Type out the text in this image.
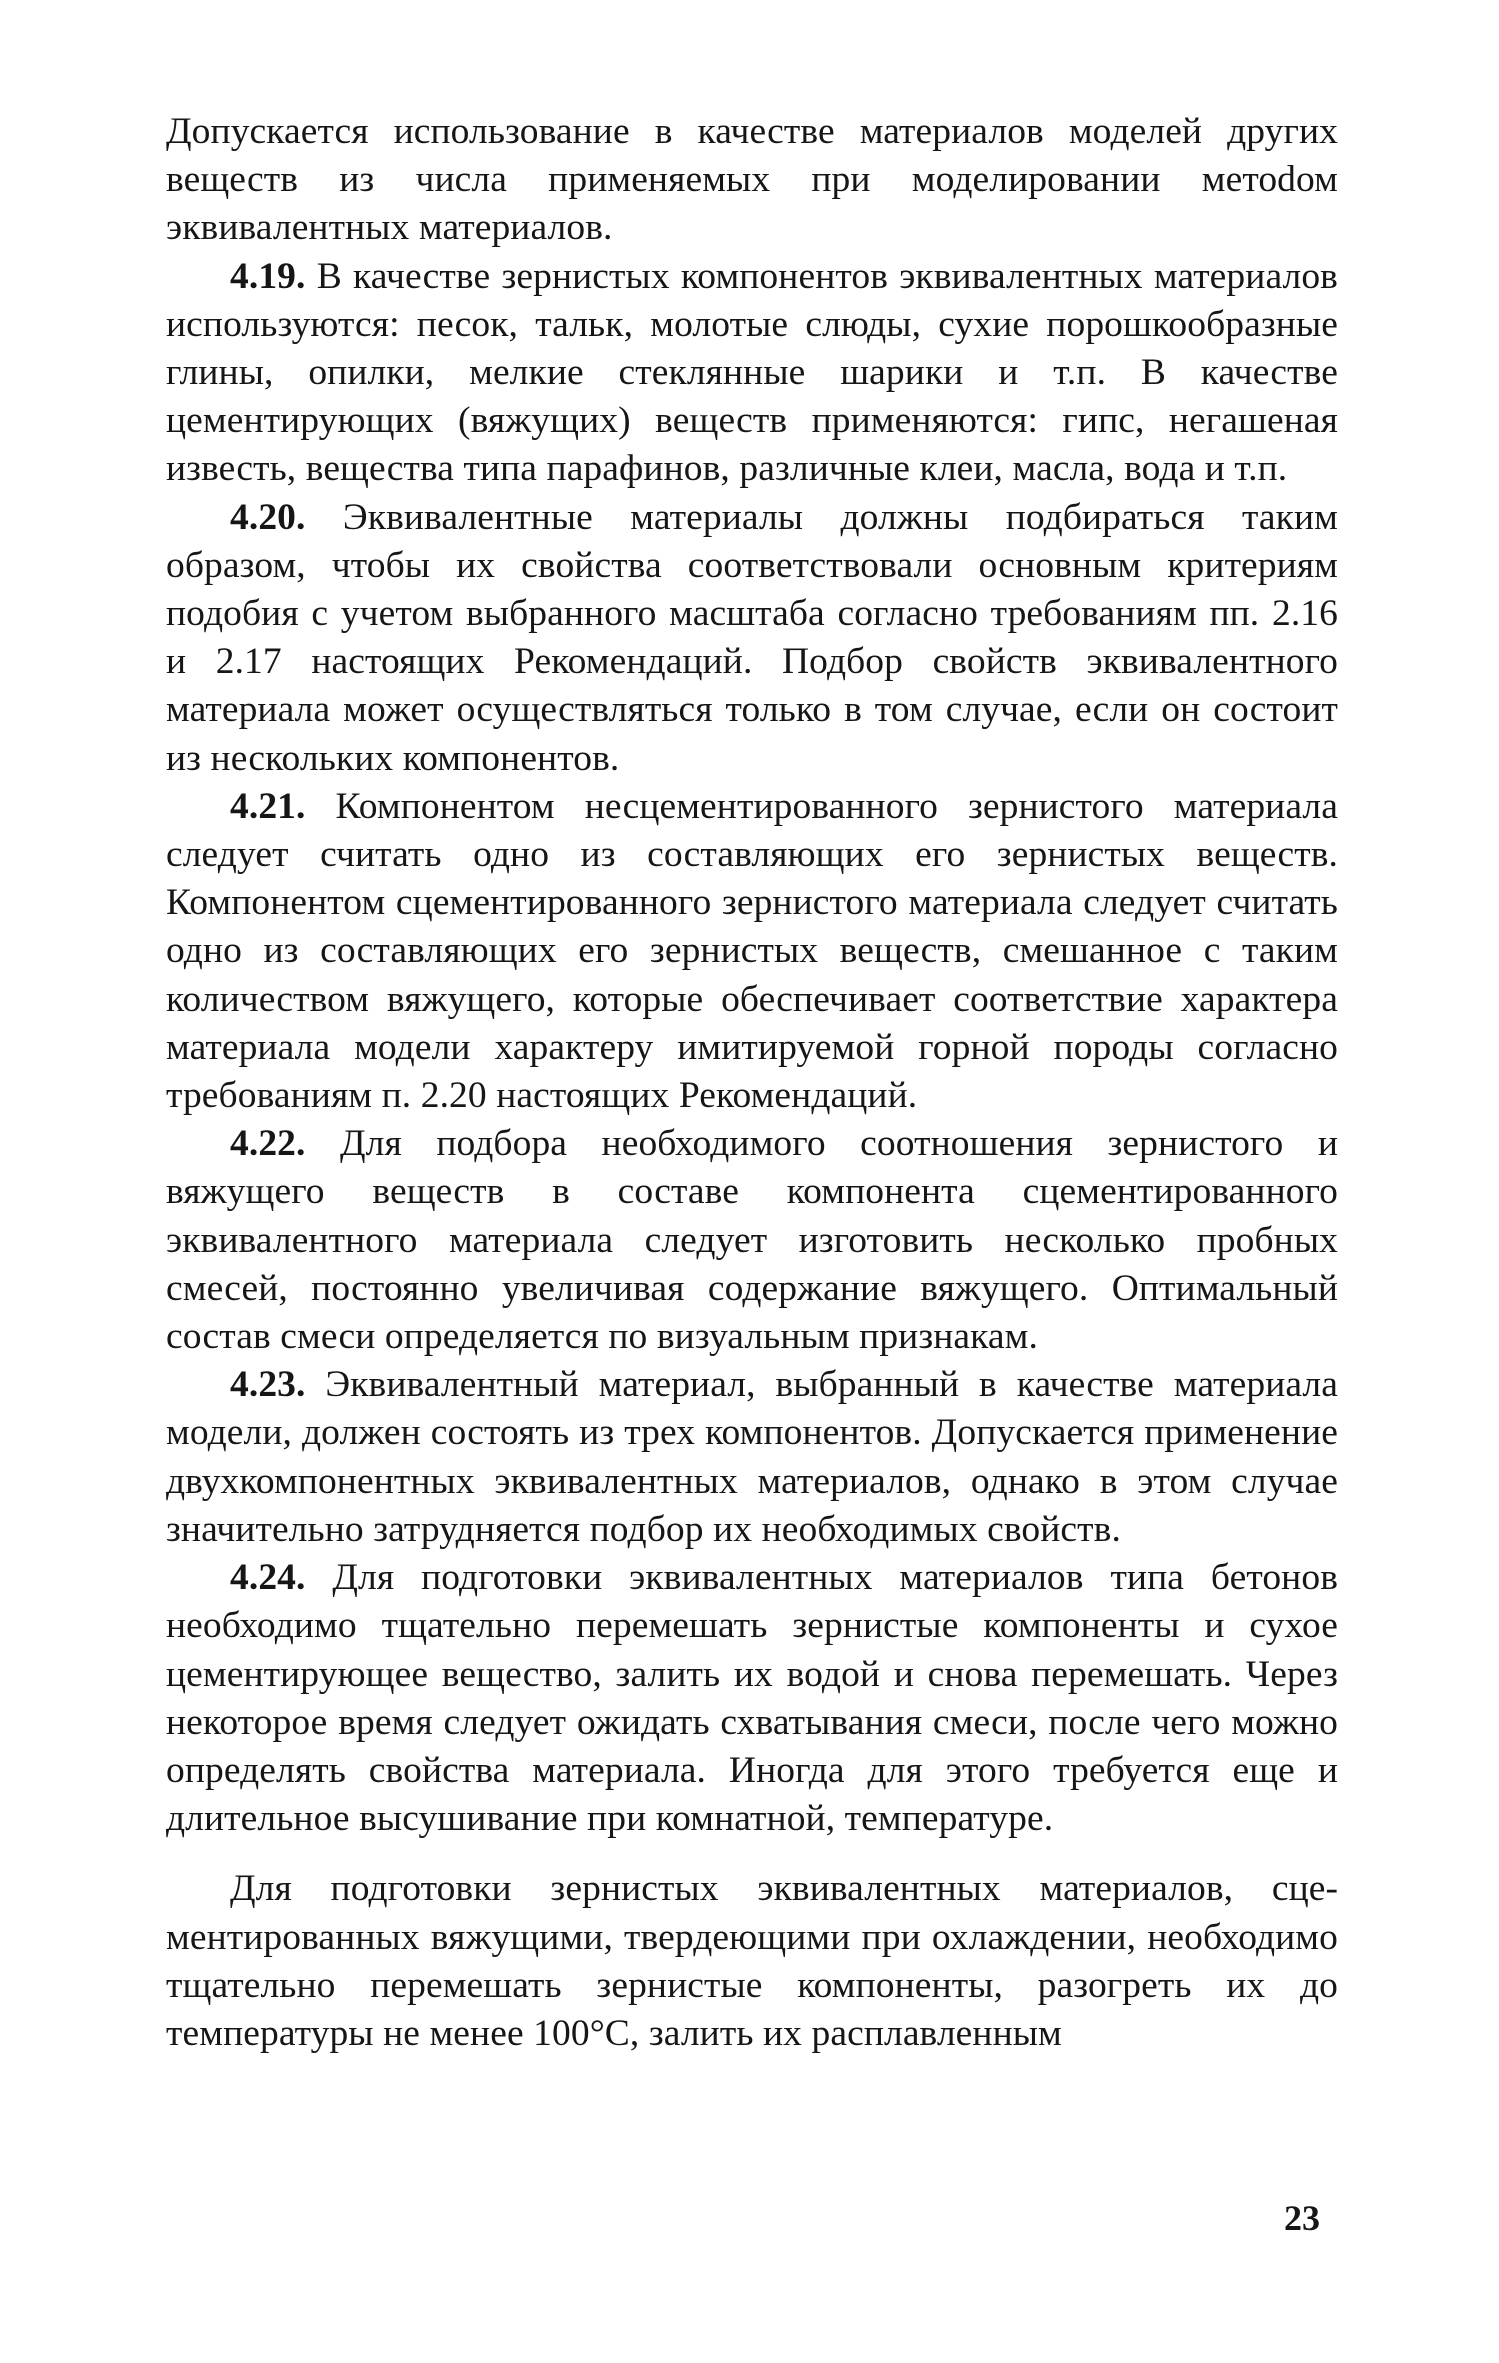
Допускается использование в качестве материалов моделей других веществ из числа применяемых при моделировании метоdом эквивалентных материалов.

4.19. В качестве зернистых компонентов эквивалентных материалов используются: песок, тальк, молотые слюды, сухие порошкообразные глины, опилки, мелкие стеклянные шарики и т.п. В качестве цементирующих (вяжущих) веществ применяются: гипс, негашеная известь, вещества типа парафинов, различные клеи, масла, вода и т.п.

4.20. Эквивалентные материалы должны подбираться таким образом, чтобы их свойства соответствовали основным критериям подобия с учетом выбранного масштаба согласно требованиям пп. 2.16 и 2.17 настоящих Рекомендаций. Подбор свойств эквивалентного материала может осуществляться только в том случае, если он состоит из нескольких компонентов.

4.21. Компонентом несцементированного зернистого материала следует считать одно из составляющих его зернистых веществ. Компонентом сцементированного зернистого материала следует считать одно из составляющих его зернистых веществ, смешанное с таким количеством вяжущего, которые обеспечивает соответствие характера материала модели характеру имитируемой горной породы согласно требованиям п. 2.20 настоящих Рекомендаций.

4.22. Для подбора необходимого соотношения зернистого и вяжущего веществ в составе компонента сцементированного эквивалентного материала следует изготовить несколько пробных смесей, постоянно увеличивая содержание вяжущего. Оптимальный состав смеси определяется по визуальным признакам.

4.23. Эквивалентный материал, выбранный в качестве материала модели, должен состоять из трех компонентов. Допускается применение двухкомпонентных эквивалентных материалов, однако в этом случае значительно затрудняется подбор их необходимых свойств.

4.24. Для подготовки эквивалентных материалов типа бетонов необходимо тщательно перемешать зернистые компоненты и сухое цементирующее вещество, залить их водой и снова перемешать. Через некоторое время следует ожидать схватывания смеси, после чего можно определять свойства материала. Иногда для этого требуется еще и длительное высушивание при комнатной, температуре.

Для подготовки зернистых эквивалентных материалов, сцементированных вяжущими, твердеющими при охлаждении, необходимо тщательно перемешать зернистые компоненты, разогреть их до температуры не менее 100°С, залить их расплавленным

23
